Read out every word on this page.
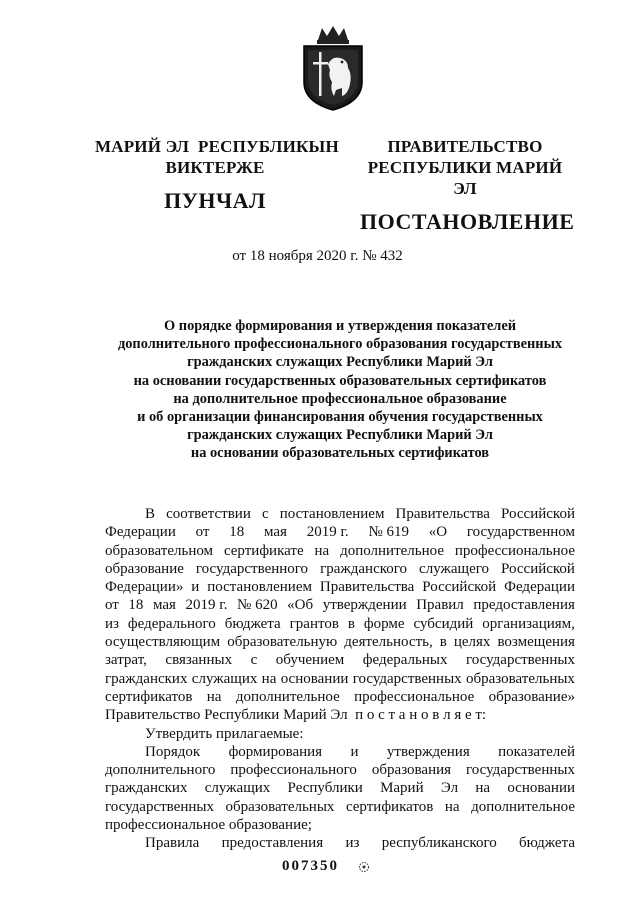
МАРИЙ ЭЛ  РЕСПУБЛИКЫН
ВИКТЕРЖЕ
ПУНЧАЛ
ПРАВИТЕЛЬСТВО
РЕСПУБЛИКИ МАРИЙ ЭЛ
ПОСТАНОВЛЕНИЕ
от 18 ноября 2020 г. № 432
О порядке формирования и утверждения показателей
дополнительного профессионального образования государственных
гражданских служащих Республики Марий Эл
на основании государственных образовательных сертификатов
на дополнительное профессиональное образование
и об организации финансирования обучения государственных
гражданских служащих Республики Марий Эл
на основании образовательных сертификатов
В соответствии с постановлением Правительства Российской
Федерации от 18 мая 2019 г. № 619 «О государственном
образовательном сертификате на дополнительное профессиональное
образование государственного гражданского служащего Российской
Федерации» и постановлением Правительства Российской Федерации
от 18 мая 2019 г. № 620 «Об утверждении Правил предоставления
из федерального бюджета грантов в форме субсидий организациям,
осуществляющим образовательную деятельность, в целях возмещения
затрат, связанных с обучением федеральных государственных
гражданских служащих на основании государственных образовательных
сертификатов на дополнительное профессиональное образование»
Правительство Республики Марий Эл  п о с т а н о в л я е т:
Утвердить прилагаемые:
Порядок формирования и утверждения показателей
дополнительного профессионального образования государственных
гражданских служащих Республики Марий Эл на основании
государственных образовательных сертификатов на дополнительное
профессиональное образование;
Правила предоставления из республиканского бюджета
007350
